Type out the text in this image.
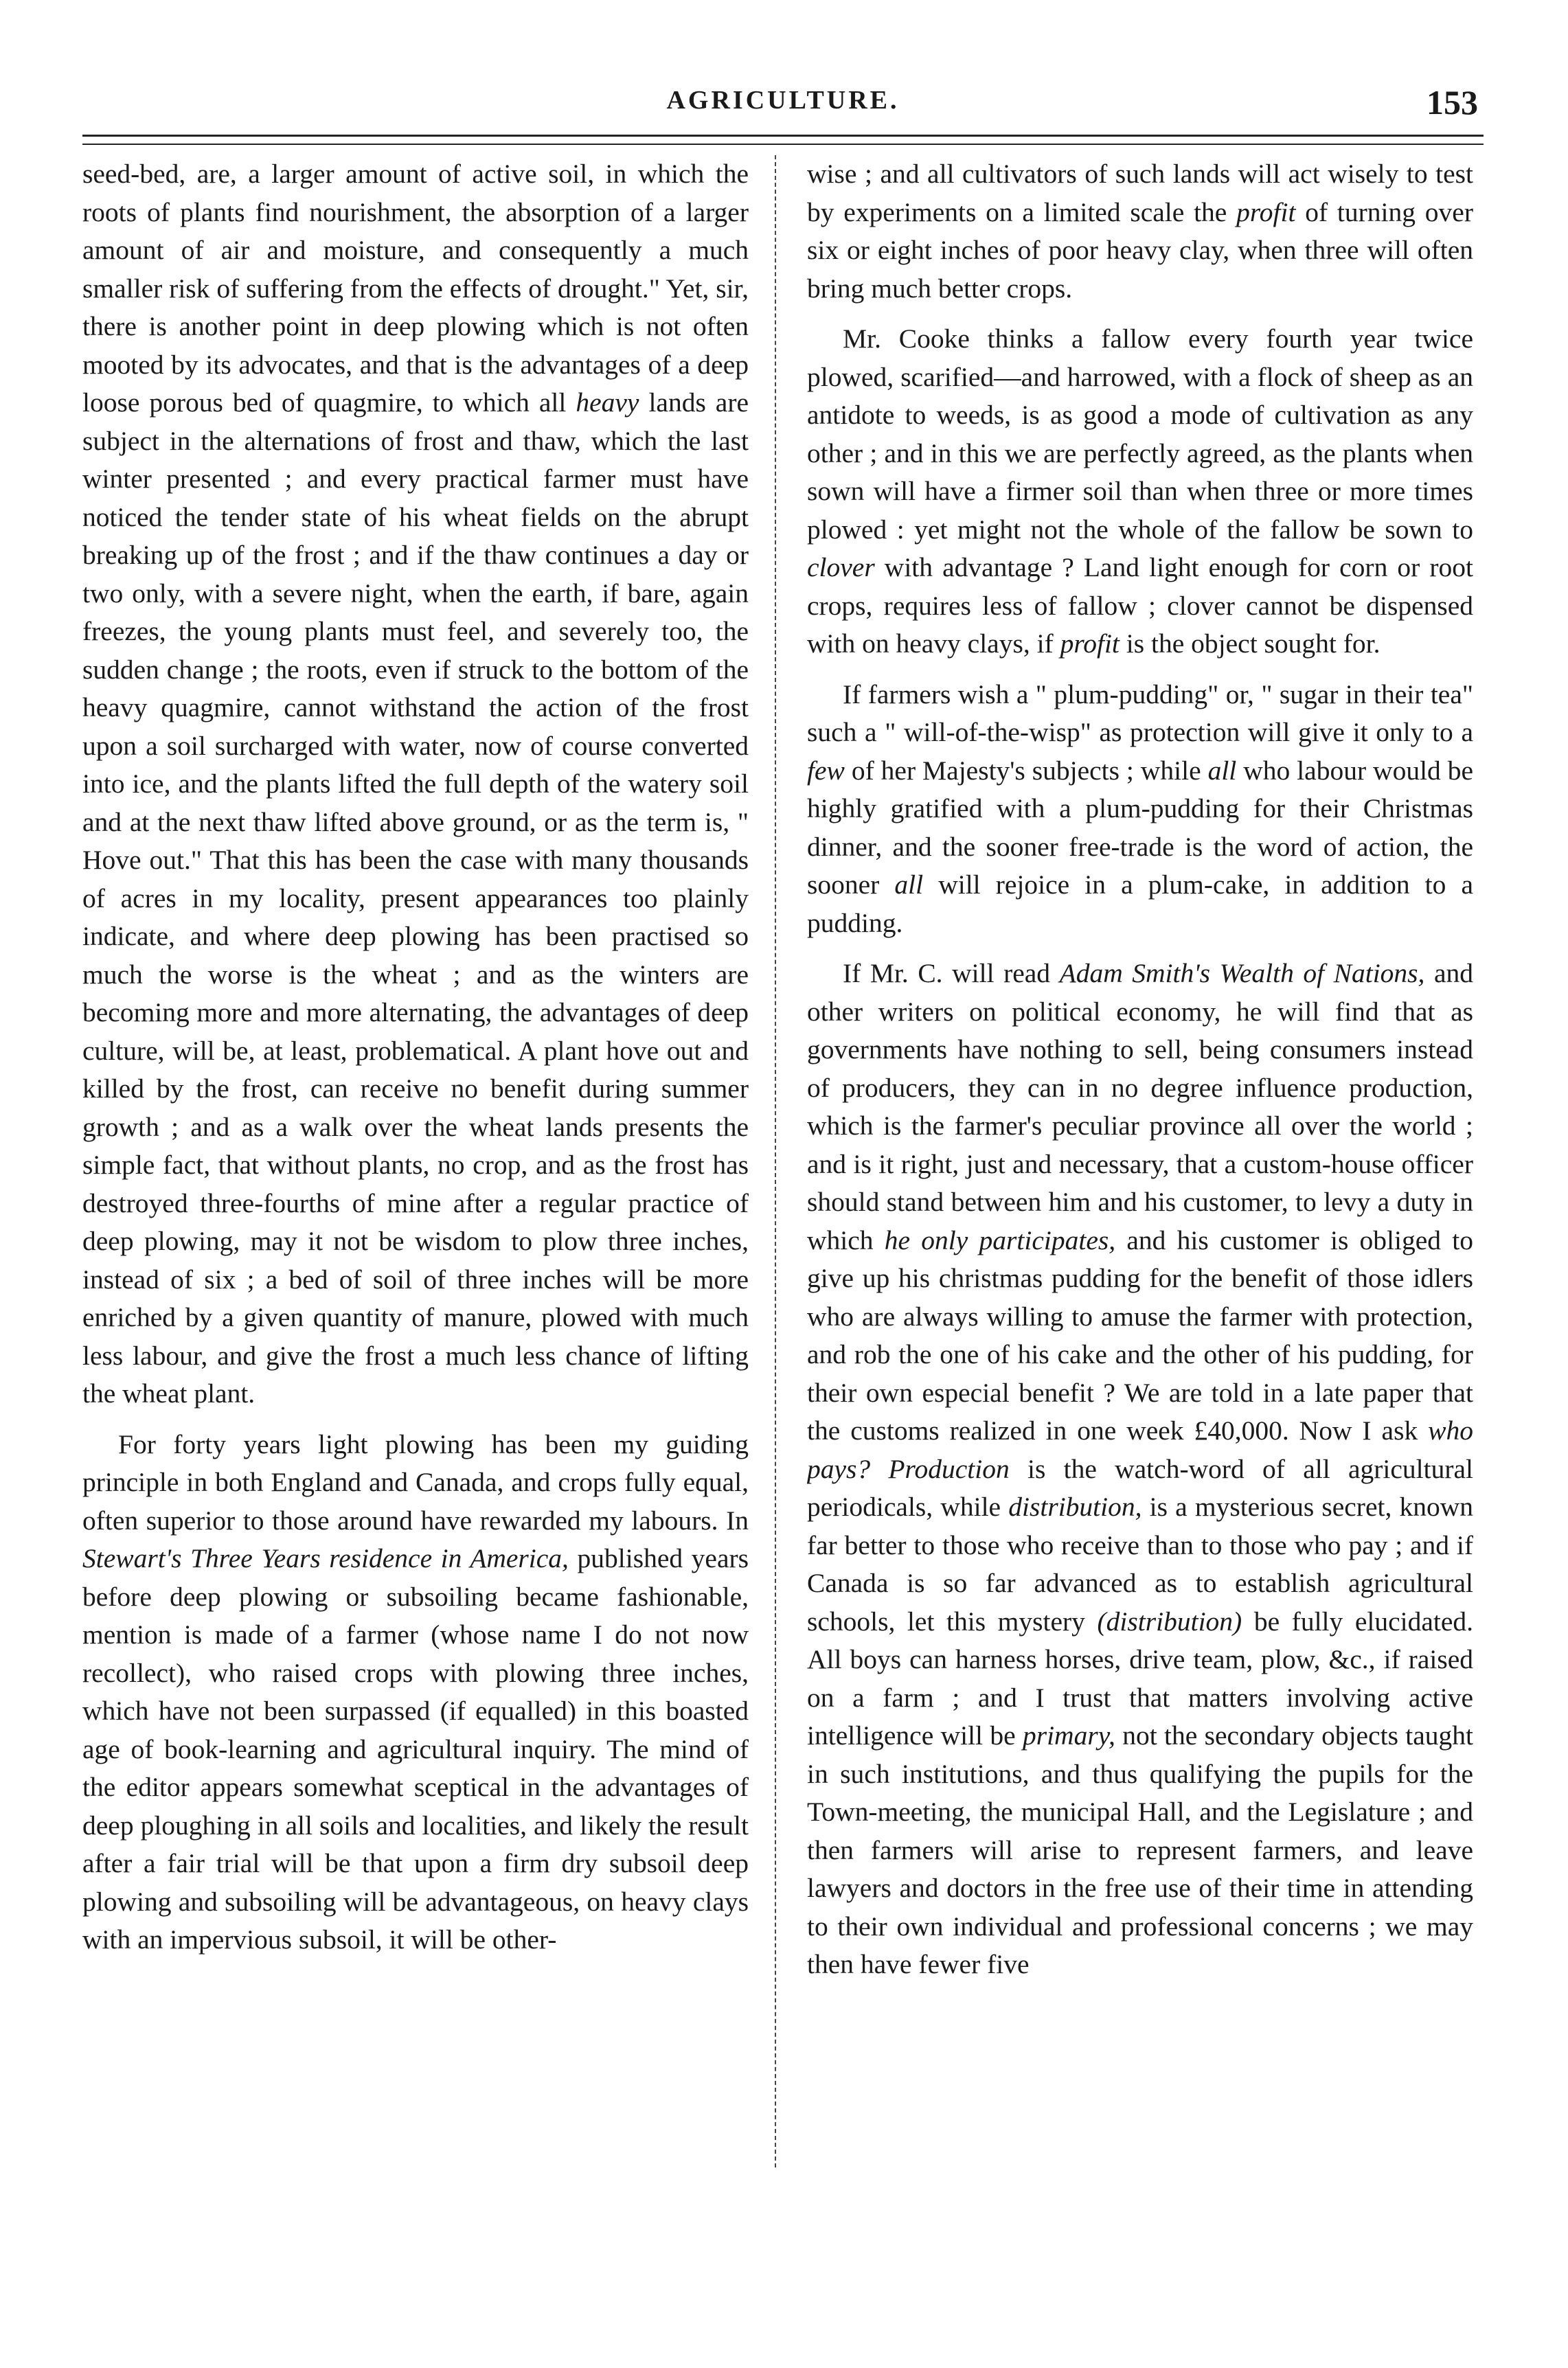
AGRICULTURE.	153

seed-bed, are, a larger amount of active soil, in which the roots of plants find nourishment, the absorption of a larger amount of air and moisture, and consequently a much smaller risk of suffering from the effects of drought." Yet, sir, there is another point in deep plowing which is not often mooted by its advocates, and that is the advantages of a deep loose porous bed of quagmire, to which all heavy lands are subject in the alternations of frost and thaw, which the last winter presented ; and every practical farmer must have noticed the tender state of his wheat fields on the abrupt breaking up of the frost ; and if the thaw continues a day or two only, with a severe night, when the earth, if bare, again freezes, the young plants must feel, and severely too, the sudden change ; the roots, even if struck to the bottom of the heavy quagmire, cannot withstand the action of the frost upon a soil surcharged with water, now of course converted into ice, and the plants lifted the full depth of the watery soil and at the next thaw lifted above ground, or as the term is, " Hove out." That this has been the case with many thousands of acres in my locality, present appearances too plainly indicate, and where deep plowing has been practised so much the worse is the wheat ; and as the winters are becoming more and more alternating, the advantages of deep culture, will be, at least, problematical. A plant hove out and killed by the frost, can receive no benefit during summer growth ; and as a walk over the wheat lands presents the simple fact, that without plants, no crop, and as the frost has destroyed three-fourths of mine after a regular practice of deep plowing, may it not be wisdom to plow three inches, instead of six ; a bed of soil of three inches will be more enriched by a given quantity of manure, plowed with much less labour, and give the frost a much less chance of lifting the wheat plant.

For forty years light plowing has been my guiding principle in both England and Canada, and crops fully equal, often superior to those around have rewarded my labours. In Stewart's Three Years residence in America, published years before deep plowing or subsoiling became fashionable, mention is made of a farmer (whose name I do not now recollect), who raised crops with plowing three inches, which have not been surpassed (if equalled) in this boasted age of book-learning and agricultural inquiry. The mind of the editor appears somewhat sceptical in the advantages of deep ploughing in all soils and localities, and likely the result after a fair trial will be that upon a firm dry subsoil deep plowing and subsoiling will be advantageous, on heavy clays with an impervious subsoil, it will be other-

wise ; and all cultivators of such lands will act wisely to test by experiments on a limited scale the profit of turning over six or eight inches of poor heavy clay, when three will often bring much better crops.

Mr. Cooke thinks a fallow every fourth year twice plowed, scarified—and harrowed, with a flock of sheep as an antidote to weeds, is as good a mode of cultivation as any other ; and in this we are perfectly agreed, as the plants when sown will have a firmer soil than when three or more times plowed : yet might not the whole of the fallow be sown to clover with advantage ? Land light enough for corn or root crops, requires less of fallow ; clover cannot be dispensed with on heavy clays, if profit is the object sought for.

If farmers wish a " plum-pudding" or, " sugar in their tea" such a " will-of-the-wisp" as protection will give it only to a few of her Majesty's subjects ; while all who labour would be highly gratified with a plum-pudding for their Christmas dinner, and the sooner free-trade is the word of action, the sooner all will rejoice in a plum-cake, in addition to a pudding.

If Mr. C. will read Adam Smith's Wealth of Nations, and other writers on political economy, he will find that as governments have nothing to sell, being consumers instead of producers, they can in no degree influence production, which is the farmer's peculiar province all over the world ; and is it right, just and necessary, that a custom-house officer should stand between him and his customer, to levy a duty in which he only participates, and his customer is obliged to give up his christmas pudding for the benefit of those idlers who are always willing to amuse the farmer with protection, and rob the one of his cake and the other of his pudding, for their own especial benefit ? We are told in a late paper that the customs realized in one week £40,000. Now I ask who pays? Production is the watch-word of all agricultural periodicals, while distribution, is a mysterious secret, known far better to those who receive than to those who pay ; and if Canada is so far advanced as to establish agricultural schools, let this mystery (distribution) be fully elucidated. All boys can harness horses, drive team, plow, &c., if raised on a farm ; and I trust that matters involving active intelligence will be primary, not the secondary objects taught in such institutions, and thus qualifying the pupils for the Town-meeting, the municipal Hall, and the Legislature ; and then farmers will arise to represent farmers, and leave lawyers and doctors in the free use of their time in attending to their own individual and professional concerns ; we may then have fewer five
